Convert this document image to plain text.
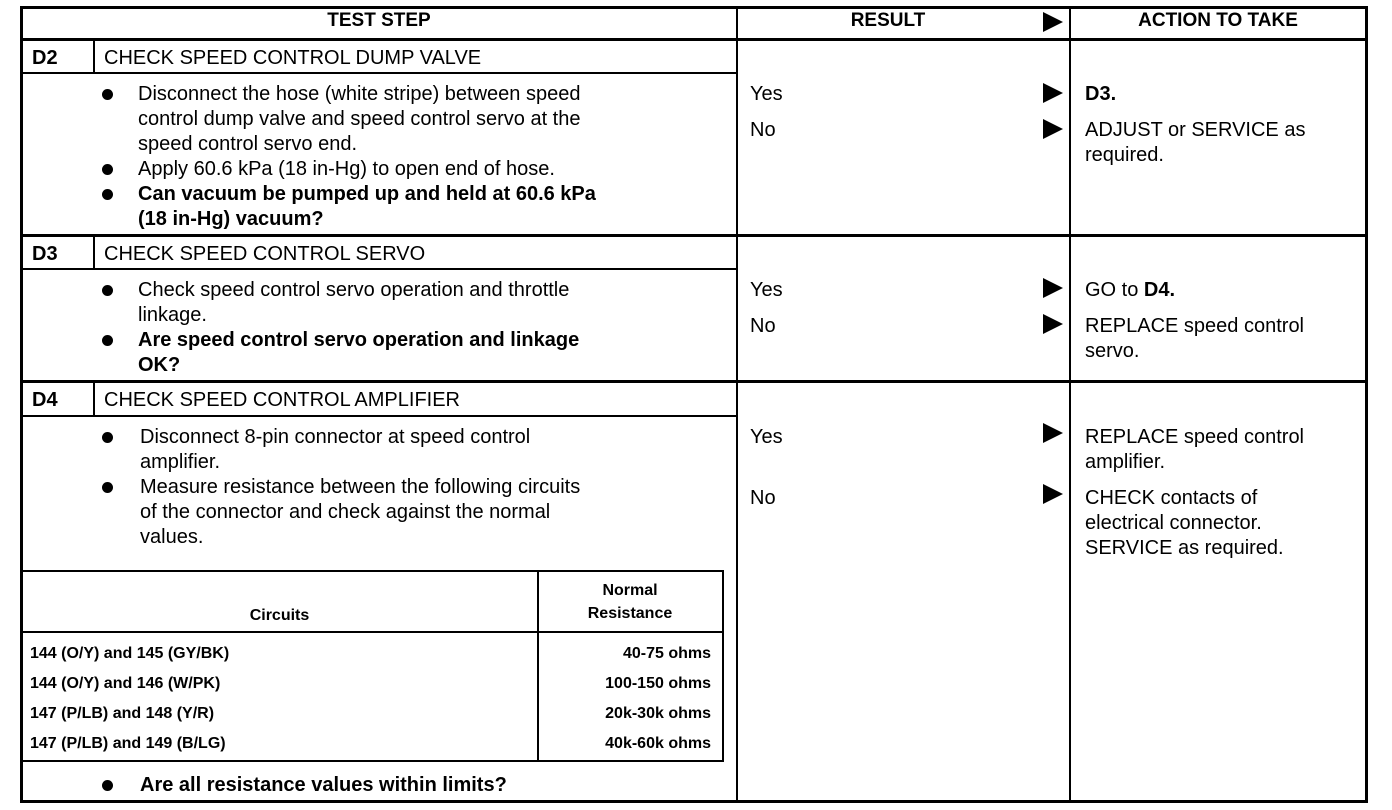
TEST STEP	RESULT	ACTION TO TAKE
D2 CHECK SPEED CONTROL DUMP VALVE
Disconnect the hose (white stripe) between speed
control dump valve and speed control servo at the
speed control servo end.
Apply 60.6 kPa (18 in-Hg) to open end of hose.
Can vacuum be pumped up and held at 60.6 kPa
(18 in-Hg) vacuum?
Yes	D3.
No	ADJUST or SERVICE as
required.
D3 CHECK SPEED CONTROL SERVO
Check speed control servo operation and throttle
linkage.
Are speed control servo operation and linkage
OK?
Yes	GO to D4.
No	REPLACE speed control
servo.
D4 CHECK SPEED CONTROL AMPLIFIER
Disconnect 8-pin connector at speed control
amplifier.
Measure resistance between the following circuits
of the connector and check against the normal
values.
Circuits
Normal
Resistance
144 (O/Y) and 145 (GY/BK)	40-75 ohms
144 (O/Y) and 146 (W/PK)	100-150 ohms
147 (P/LB) and 148 (Y/R)	20k-30k ohms
147 (P/LB) and 149 (B/LG)	40k-60k ohms
Are all resistance values within limits?
Yes	REPLACE speed control
amplifier.
No	CHECK contacts of
electrical connector.
SERVICE as required.
